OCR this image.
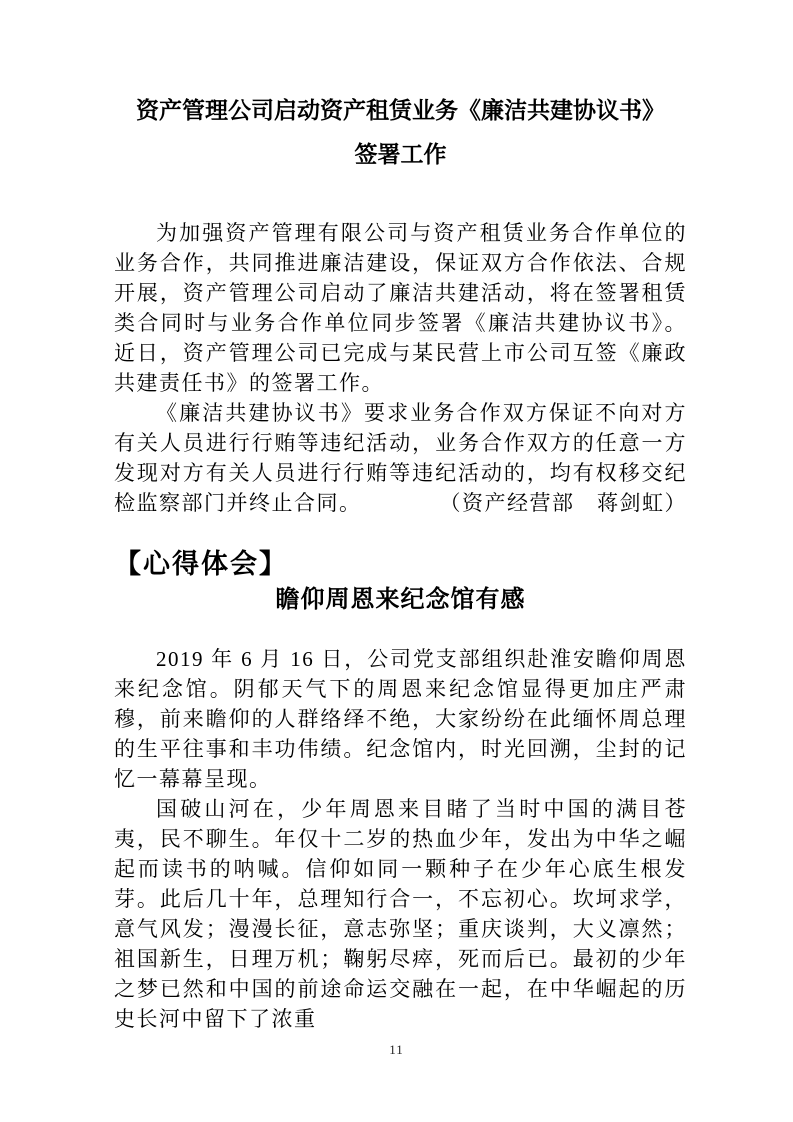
资产管理公司启动资产租赁业务《廉洁共建协议书》
签署工作

为加强资产管理有限公司与资产租赁业务合作单位的业务合作，共同推进廉洁建设，保证双方合作依法、合规开展，资产管理公司启动了廉洁共建活动，将在签署租赁类合同时与业务合作单位同步签署《廉洁共建协议书》。近日，资产管理公司已完成与某民营上市公司互签《廉政共建责任书》的签署工作。

《廉洁共建协议书》要求业务合作双方保证不向对方有关人员进行行贿等违纪活动，业务合作双方的任意一方发现对方有关人员进行行贿等违纪活动的，均有权移交纪检监察部门并终止合同。	（资产经营部　蒋剑虹）

【心得体会】
瞻仰周恩来纪念馆有感

2019 年 6 月 16 日，公司党支部组织赴淮安瞻仰周恩来纪念馆。阴郁天气下的周恩来纪念馆显得更加庄严肃穆，前来瞻仰的人群络绎不绝，大家纷纷在此缅怀周总理的生平往事和丰功伟绩。纪念馆内，时光回溯，尘封的记忆一幕幕呈现。

国破山河在，少年周恩来目睹了当时中国的满目苍夷，民不聊生。年仅十二岁的热血少年，发出为中华之崛起而读书的呐喊。信仰如同一颗种子在少年心底生根发芽。此后几十年，总理知行合一，不忘初心。坎坷求学，意气风发；漫漫长征，意志弥坚；重庆谈判，大义凛然；祖国新生，日理万机；鞠躬尽瘁，死而后已。最初的少年之梦已然和中国的前途命运交融在一起，在中华崛起的历史长河中留下了浓重

11
